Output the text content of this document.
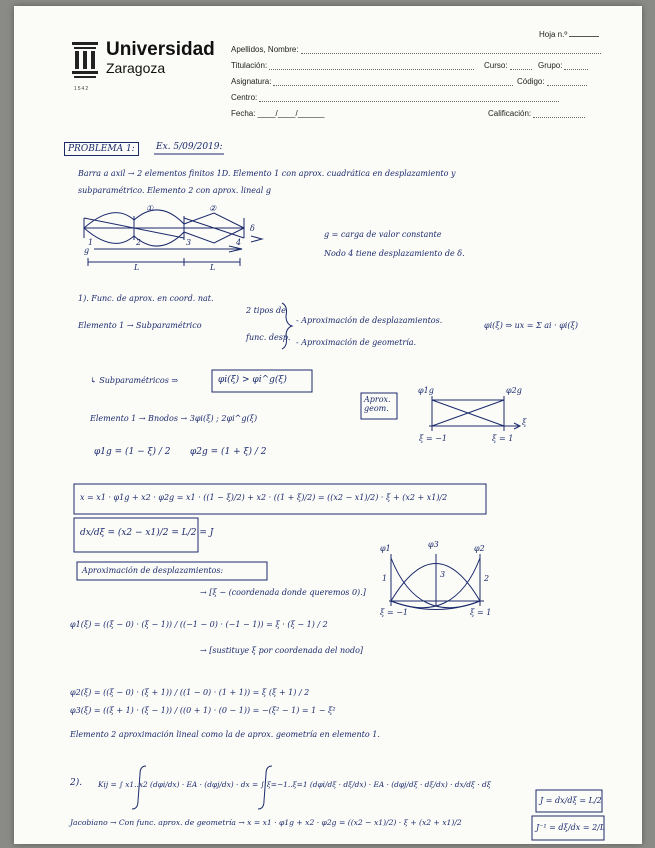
Universidad
Zaragoza
1542
Hoja n.º
Apellidos, Nombre:
Titulación:	Curso:	Grupo:
Asignatura:	Código:
Centro:
Fecha: ____/____/______	Calificación:
PROBLEMA 1:	Ex. 5/09/2019:
Barra a axil → 2 elementos finitos 1D. Elemento 1 con aprox. cuadrática en desplazamiento y
subparamétrico. Elemento 2 con aprox. lineal g
①	②
1	2	3	4
g
L	L
δ
g = carga de valor constante
Nodo 4 tiene desplazamiento de δ.
1). Func. de aprox. en coord. nat.
Elemento 1 → Subparamétrico
2 tipos de
func. desp.
- Aproximación de desplazamientos.
- Aproximación de geometría.
φi(ξ) ⇒ ux = Σ ai · φi(ξ)
↳ Subparamétricos ⇒	φi(ξ) > φi^g(ξ)
Elemento 1 → Bnodos → 3φi(ξ) ; 2φi^g(ξ)
φ1g = (1 − ξ) / 2 φ2g = (1 + ξ) / 2
Aprox. geom.
φ1g	φ2g
ξ
ξ = −1	ξ = 1
x = x1 · φ1g + x2 · φ2g = x1 · ((1 − ξ)/2) + x2 · ((1 + ξ)/2) = ((x2 − x1)/2) · ξ + (x2 + x1)/2
dx/dξ = (x2 − x1)/2 = L/2 = J
Aproximación de desplazamientos:
→ [ξ − (coordenada donde queremos 0).]
φ1(ξ) = ((ξ − 0) · (ξ − 1)) / ((−1 − 0) · (−1 − 1)) = ξ · (ξ − 1) / 2
→ [sustituye ξ por coordenada del nodo]
φ2(ξ) = ((ξ − 0) · (ξ + 1)) / ((1 − 0) · (1 + 1)) = ξ (ξ + 1) / 2
φ3(ξ) = ((ξ + 1) · (ξ − 1)) / ((0 + 1) · (0 − 1)) = −(ξ² − 1) = 1 − ξ²
φ1	φ3	φ2
1	3	2
ξ = −1	ξ = 1
Elemento 2 aproximación lineal como la de aprox. geometría en elemento 1.
2). Kij = ∫ x1..x2 (dφi/dx) · EA · (dφj/dx) · dx = ∫ ξ=−1..ξ=1 (dφi/dξ · dξ/dx) · EA · (dφj/dξ · dξ/dx) · dx/dξ · dξ
Jacobiano → Con func. aprox. de geometría → x = x1 · φ1g + x2 · φ2g = ((x2 − x1)/2) · ξ + (x2 + x1)/2
J = dx/dξ = L/2
J⁻¹ = dξ/dx = 2/L
